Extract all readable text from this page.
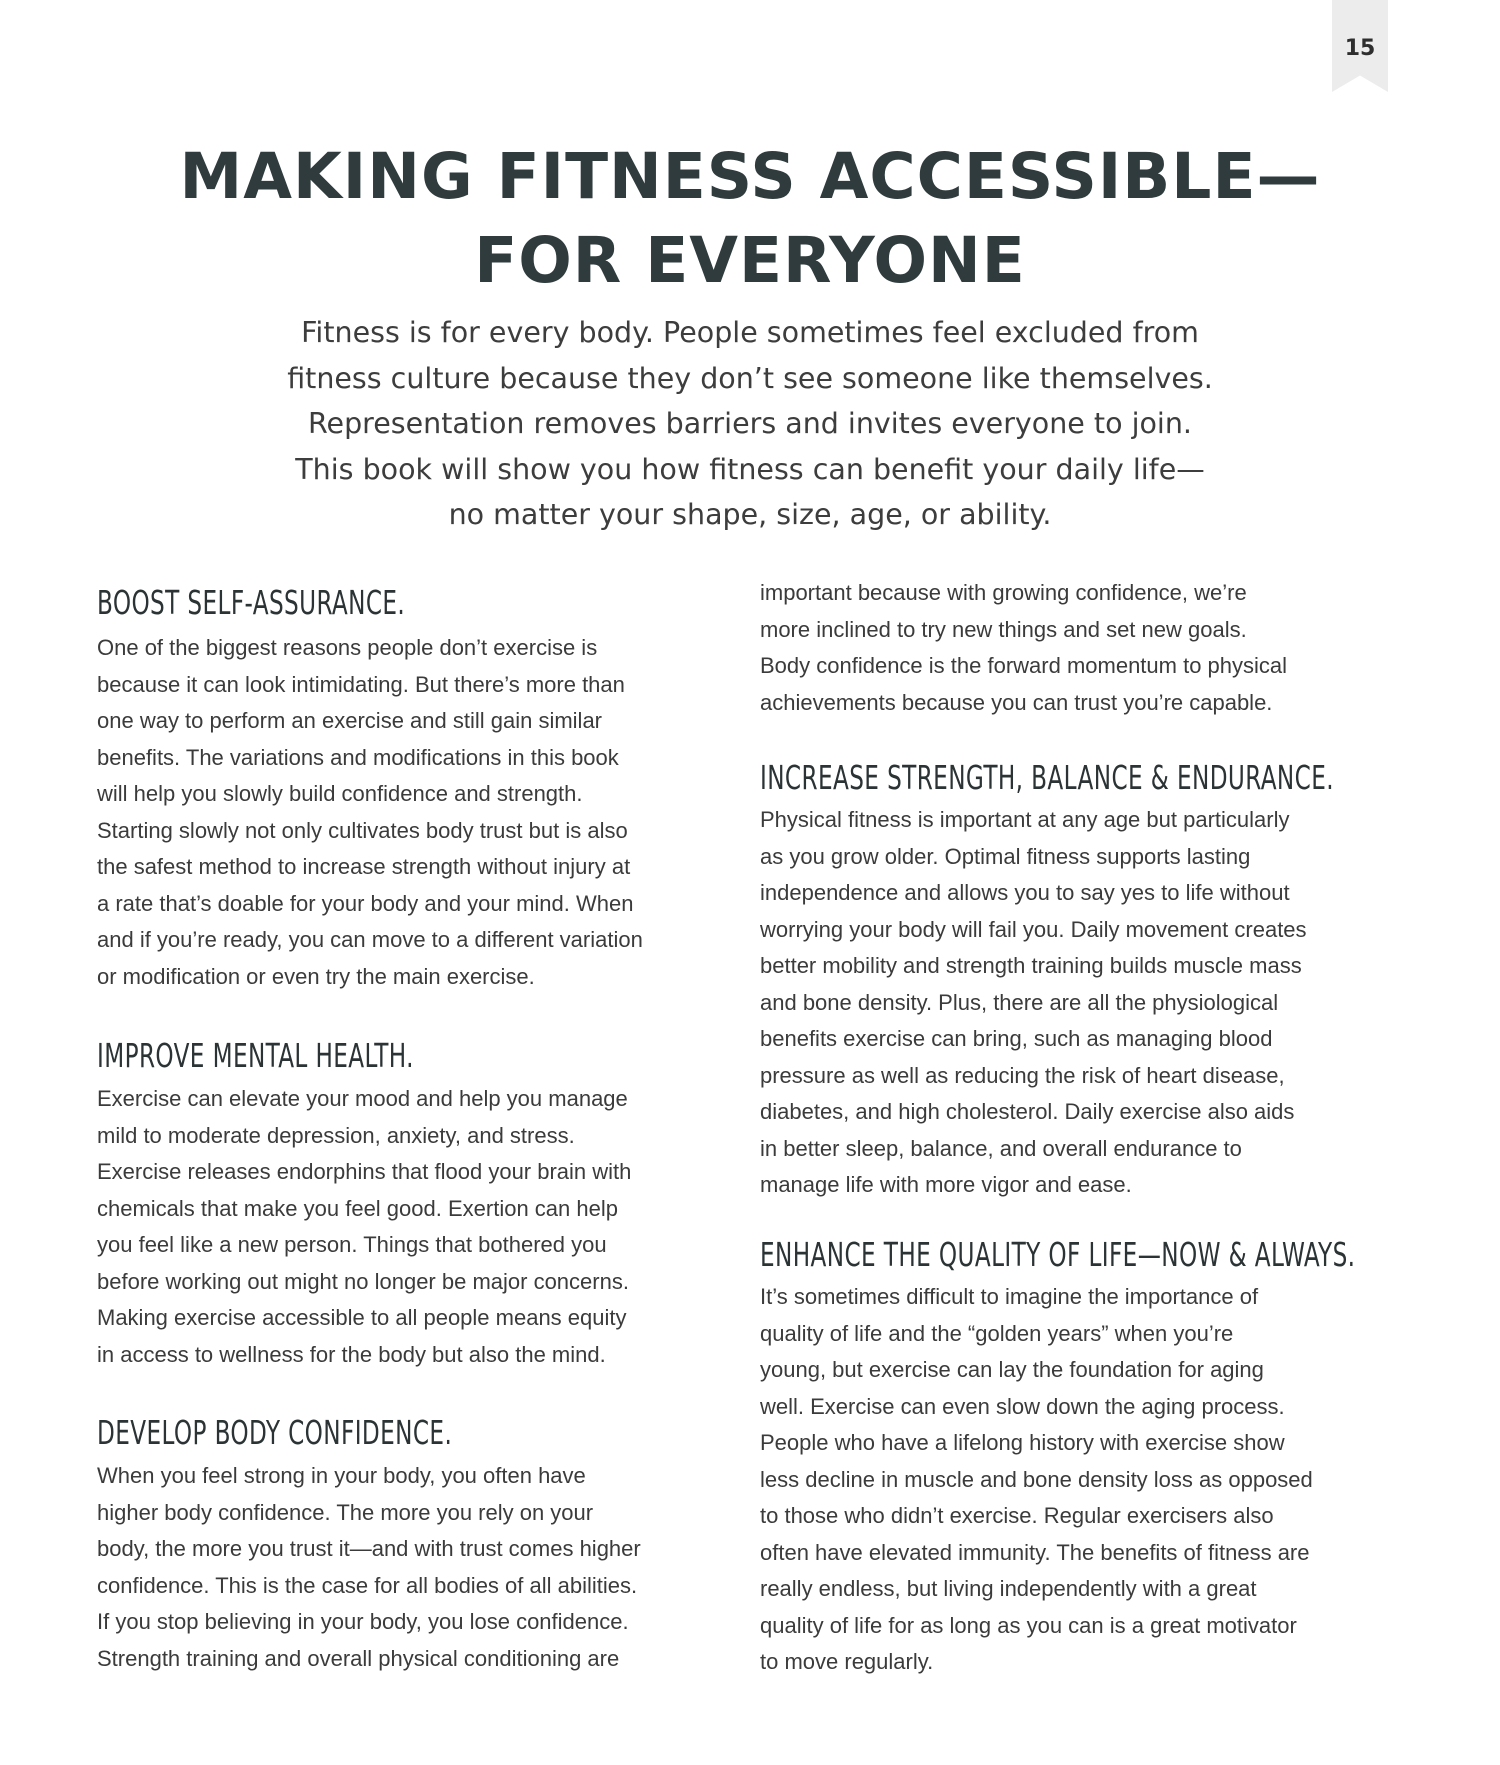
15
MAKING FITNESS ACCESSIBLE—
FOR EVERYONE
Fitness is for every body. People sometimes feel excluded from
fitness culture because they don’t see someone like themselves.
Representation removes barriers and invites everyone to join.
This book will show you how fitness can benefit your daily life—
no matter your shape, size, age, or ability.
BOOST SELF-ASSURANCE.
One of the biggest reasons people don’t exercise is
because it can look intimidating. But there’s more than
one way to perform an exercise and still gain similar
benefits. The variations and modifications in this book
will help you slowly build confidence and strength.
Starting slowly not only cultivates body trust but is also
the safest method to increase strength without injury at
a rate that’s doable for your body and your mind. When
and if you’re ready, you can move to a different variation
or modification or even try the main exercise.
IMPROVE MENTAL HEALTH.
Exercise can elevate your mood and help you manage
mild to moderate depression, anxiety, and stress.
Exercise releases endorphins that flood your brain with
chemicals that make you feel good. Exertion can help
you feel like a new person. Things that bothered you
before working out might no longer be major concerns.
Making exercise accessible to all people means equity
in access to wellness for the body but also the mind.
DEVELOP BODY CONFIDENCE.
When you feel strong in your body, you often have
higher body confidence. The more you rely on your
body, the more you trust it—and with trust comes higher
confidence. This is the case for all bodies of all abilities.
If you stop believing in your body, you lose confidence.
Strength training and overall physical conditioning are
important because with growing confidence, we’re
more inclined to try new things and set new goals.
Body confidence is the forward momentum to physical
achievements because you can trust you’re capable.
INCREASE STRENGTH, BALANCE & ENDURANCE.
Physical fitness is important at any age but particularly
as you grow older. Optimal fitness supports lasting
independence and allows you to say yes to life without
worrying your body will fail you. Daily movement creates
better mobility and strength training builds muscle mass
and bone density. Plus, there are all the physiological
benefits exercise can bring, such as managing blood
pressure as well as reducing the risk of heart disease,
diabetes, and high cholesterol. Daily exercise also aids
in better sleep, balance, and overall endurance to
manage life with more vigor and ease.
ENHANCE THE QUALITY OF LIFE—NOW & ALWAYS.
It’s sometimes difficult to imagine the importance of
quality of life and the “golden years” when you’re
young, but exercise can lay the foundation for aging
well. Exercise can even slow down the aging process.
People who have a lifelong history with exercise show
less decline in muscle and bone density loss as opposed
to those who didn’t exercise. Regular exercisers also
often have elevated immunity. The benefits of fitness are
really endless, but living independently with a great
quality of life for as long as you can is a great motivator
to move regularly.
